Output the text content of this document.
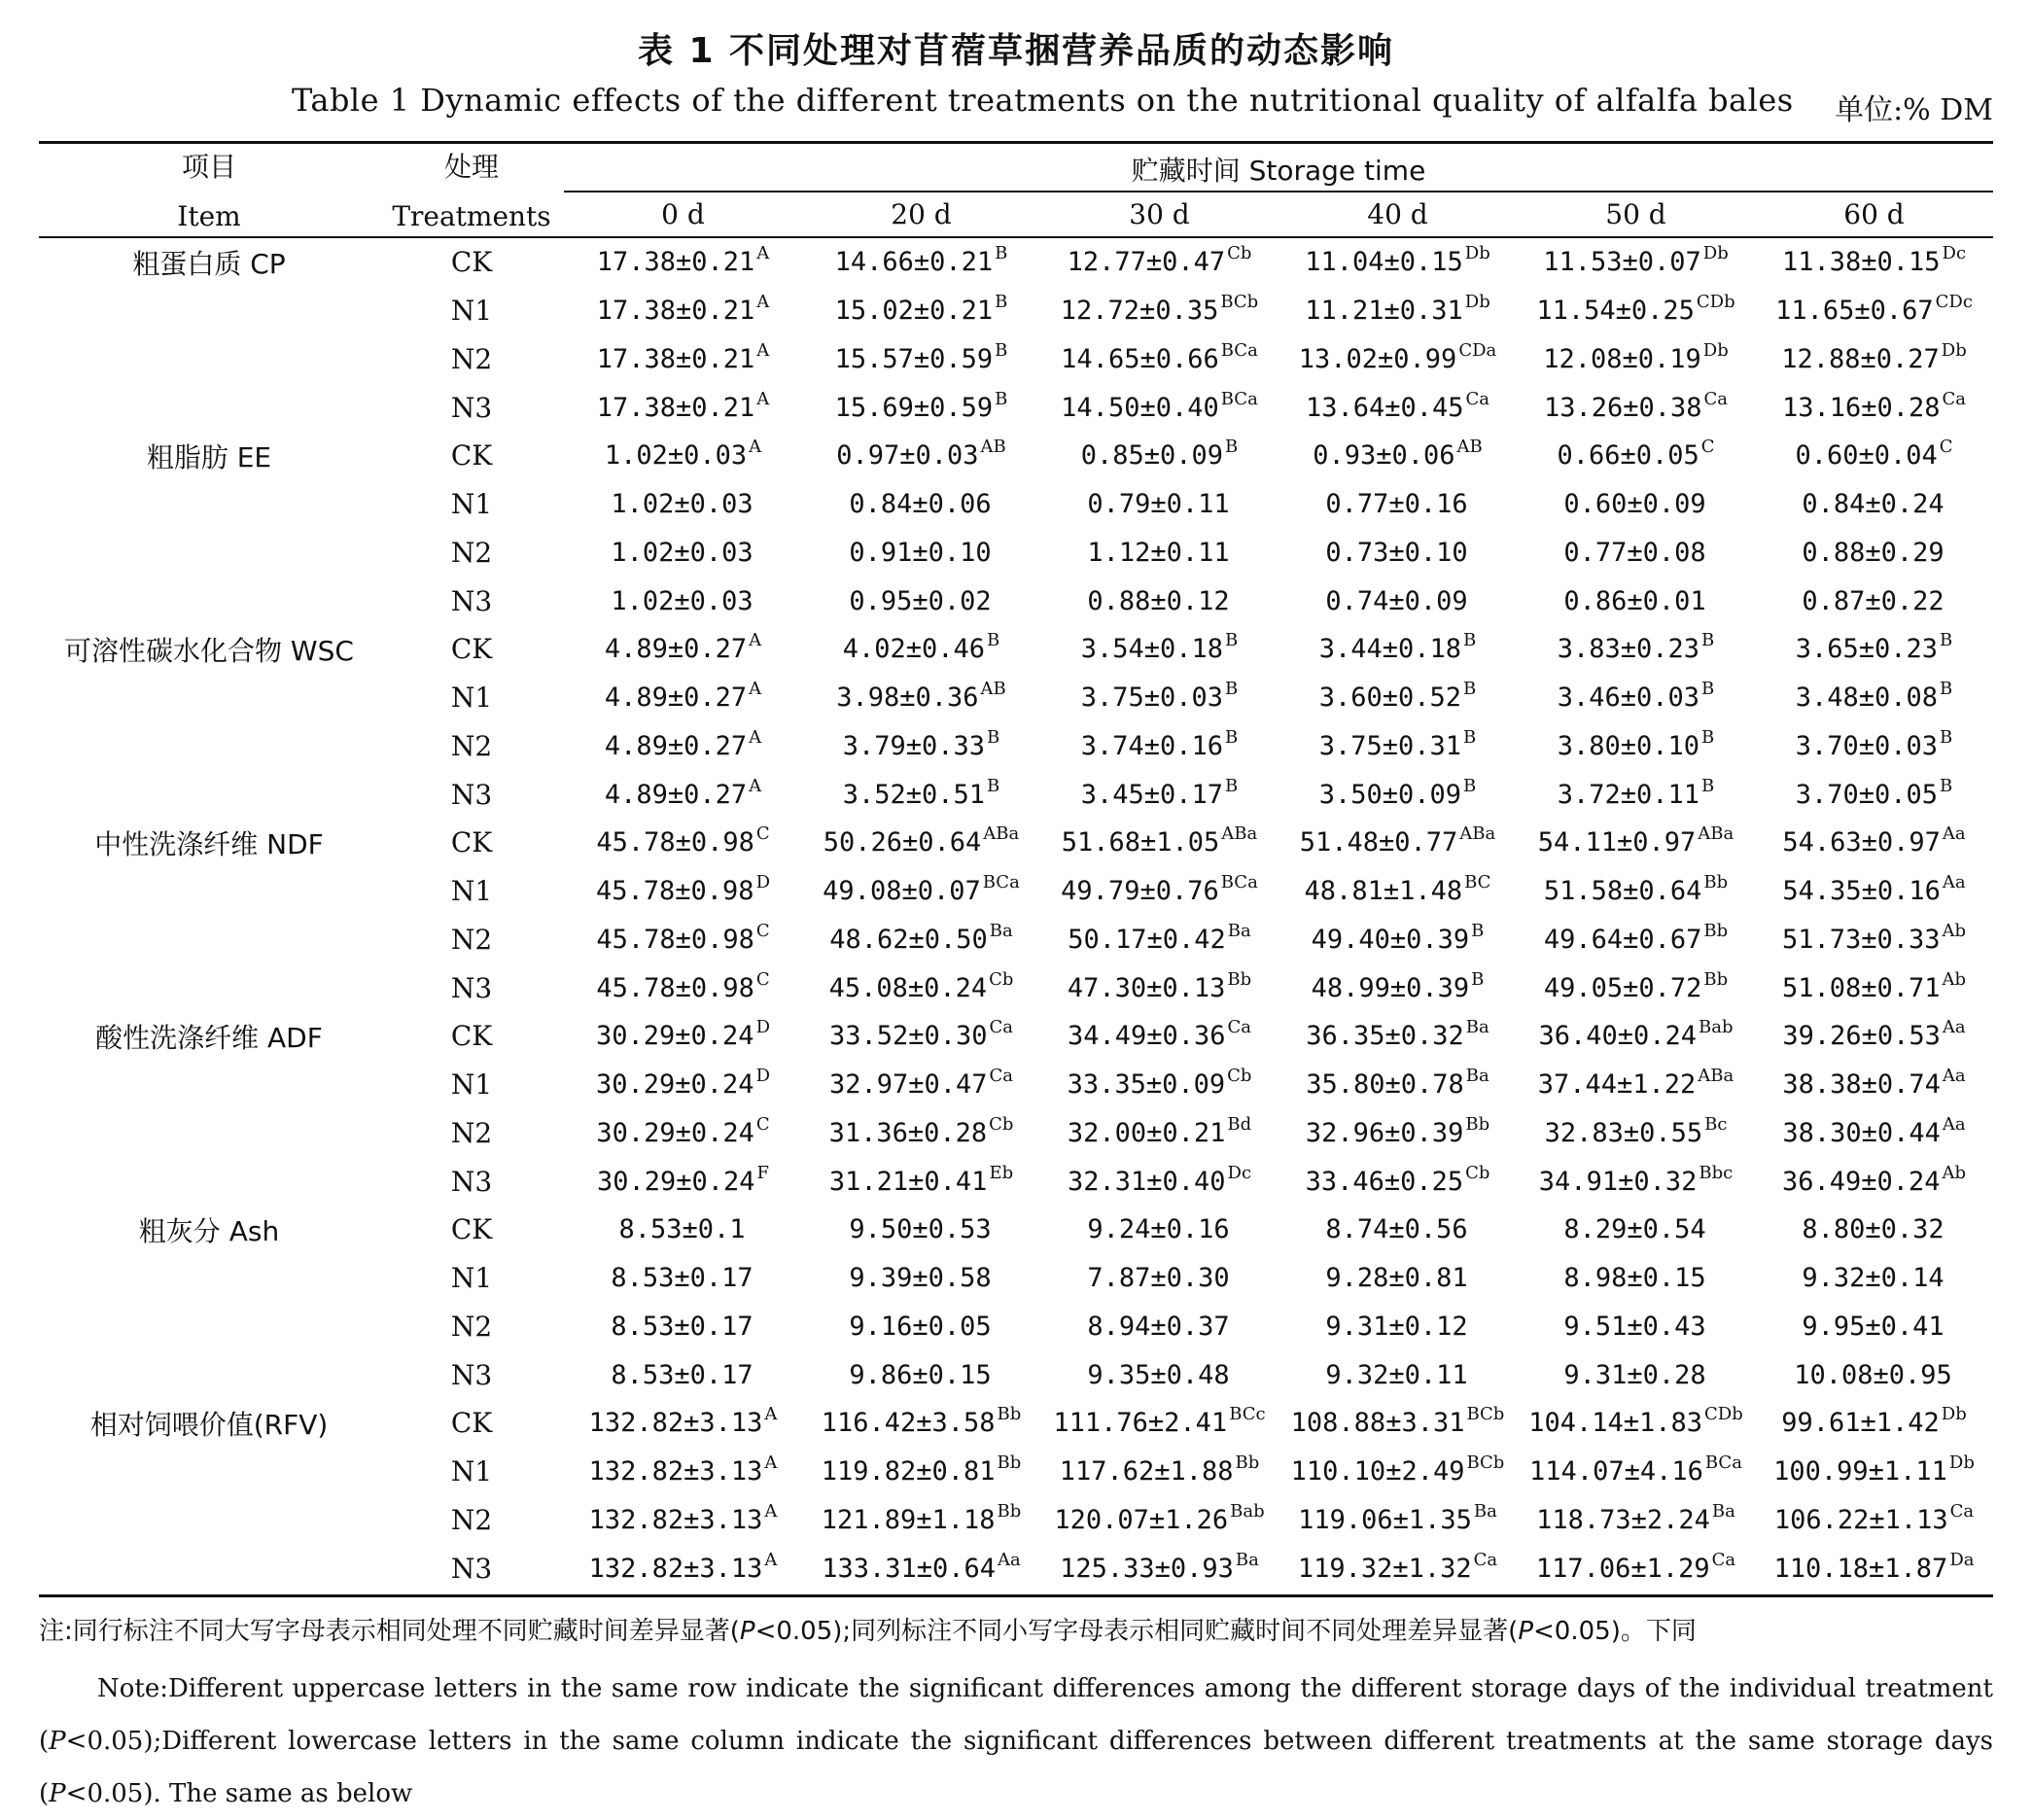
表 1 不同处理对苜蓿草捆营养品质的动态影响
Table 1 Dynamic effects of the different treatments on the nutritional quality of alfalfa bales 单位:% DM
项目
Item
处理
Treatments
贮藏时间 Storage time
0 d	20 d	30 d	40 d	50 d	60 d
粗蛋白质 CP	CK	17.38±0.21 $^A$	14.66±0.21 $^B$	12.77±0.47 $^{Cb}$	11.04±0.15 $^{Db}$	11.53±0.07 $^{Db}$	11.38±0.15 $^{Dc}$
	N1	17.38±0.21 $^A$	15.02±0.21 $^B$	12.72±0.35 $^{BCb}$	11.21±0.31 $^{Db}$	11.54±0.25 $^{CDb}$	11.65±0.67 $^{CDc}$
	N2	17.38±0.21 $^A$	15.57±0.59 $^B$	14.65±0.66 $^{BCa}$	13.02±0.99 $^{CDa}$	12.08±0.19 $^{Db}$	12.88±0.27 $^{Db}$
	N3	17.38±0.21 $^A$	15.69±0.59 $^B$	14.50±0.40 $^{BCa}$	13.64±0.45 $^{Ca}$	13.26±0.38 $^{Ca}$	13.16±0.28 $^{Ca}$
粗脂肪 EE	CK	1.02±0.03 $^A$	0.97±0.03 $^{AB}$	0.85±0.09 $^B$	0.93±0.06 $^{AB}$	0.66±0.05 $^C$	0.60±0.04 $^C$
	N1	1.02±0.03	0.84±0.06	0.79±0.11	0.77±0.16	0.60±0.09	0.84±0.24
	N2	1.02±0.03	0.91±0.10	1.12±0.11	0.73±0.10	0.77±0.08	0.88±0.29
	N3	1.02±0.03	0.95±0.02	0.88±0.12	0.74±0.09	0.86±0.01	0.87±0.22
可溶性碳水化合物 WSC	CK	4.89±0.27 $^A$	4.02±0.46 $^B$	3.54±0.18 $^B$	3.44±0.18 $^B$	3.83±0.23 $^B$	3.65±0.23 $^B$
	N1	4.89±0.27 $^A$	3.98±0.36 $^{AB}$	3.75±0.03 $^B$	3.60±0.52 $^B$	3.46±0.03 $^B$	3.48±0.08 $^B$
	N2	4.89±0.27 $^A$	3.79±0.33 $^B$	3.74±0.16 $^B$	3.75±0.31 $^B$	3.80±0.10 $^B$	3.70±0.03 $^B$
	N3	4.89±0.27 $^A$	3.52±0.51 $^B$	3.45±0.17 $^B$	3.50±0.09 $^B$	3.72±0.11 $^B$	3.70±0.05 $^B$
中性洗涤纤维 NDF	CK	45.78±0.98 $^C$	50.26±0.64 $^{ABa}$	51.68±1.05 $^{ABa}$	51.48±0.77 $^{ABa}$	54.11±0.97 $^{ABa}$	54.63±0.97 $^{Aa}$
	N1	45.78±0.98 $^D$	49.08±0.07 $^{BCa}$	49.79±0.76 $^{BCa}$	48.81±1.48 $^{BC}$	51.58±0.64 $^{Bb}$	54.35±0.16 $^{Aa}$
	N2	45.78±0.98 $^C$	48.62±0.50 $^{Ba}$	50.17±0.42 $^{Ba}$	49.40±0.39 $^B$	49.64±0.67 $^{Bb}$	51.73±0.33 $^{Ab}$
	N3	45.78±0.98 $^C$	45.08±0.24 $^{Cb}$	47.30±0.13 $^{Bb}$	48.99±0.39 $^B$	49.05±0.72 $^{Bb}$	51.08±0.71 $^{Ab}$
酸性洗涤纤维 ADF	CK	30.29±0.24 $^D$	33.52±0.30 $^{Ca}$	34.49±0.36 $^{Ca}$	36.35±0.32 $^{Ba}$	36.40±0.24 $^{Bab}$	39.26±0.53 $^{Aa}$
	N1	30.29±0.24 $^D$	32.97±0.47 $^{Ca}$	33.35±0.09 $^{Cb}$	35.80±0.78 $^{Ba}$	37.44±1.22 $^{ABa}$	38.38±0.74 $^{Aa}$
	N2	30.29±0.24 $^C$	31.36±0.28 $^{Cb}$	32.00±0.21 $^{Bd}$	32.96±0.39 $^{Bb}$	32.83±0.55 $^{Bc}$	38.30±0.44 $^{Aa}$
	N3	30.29±0.24 $^F$	31.21±0.41 $^{Eb}$	32.31±0.40 $^{Dc}$	33.46±0.25 $^{Cb}$	34.91±0.32 $^{Bbc}$	36.49±0.24 $^{Ab}$
粗灰分 Ash	CK	8.53±0.1	9.50±0.53	9.24±0.16	8.74±0.56	8.29±0.54	8.80±0.32
	N1	8.53±0.17	9.39±0.58	7.87±0.30	9.28±0.81	8.98±0.15	9.32±0.14
	N2	8.53±0.17	9.16±0.05	8.94±0.37	9.31±0.12	9.51±0.43	9.95±0.41
	N3	8.53±0.17	9.86±0.15	9.35±0.48	9.32±0.11	9.31±0.28	10.08±0.95
相对饲喂价值(RFV)	CK	132.82±3.13 $^A$	116.42±3.58 $^{Bb}$	111.76±2.41 $^{BCc}$	108.88±3.31 $^{BCb}$	104.14±1.83 $^{CDb}$	99.61±1.42 $^{Db}$
	N1	132.82±3.13 $^A$	119.82±0.81 $^{Bb}$	117.62±1.88 $^{Bb}$	110.10±2.49 $^{BCb}$	114.07±4.16 $^{BCa}$	100.99±1.11 $^{Db}$
	N2	132.82±3.13 $^A$	121.89±1.18 $^{Bb}$	120.07±1.26 $^{Bab}$	119.06±1.35 $^{Ba}$	118.73±2.24 $^{Ba}$	106.22±1.13 $^{Ca}$
	N3	132.82±3.13 $^A$	133.31±0.64 $^{Aa}$	125.33±0.93 $^{Ba}$	119.32±1.32 $^{Ca}$	117.06±1.29 $^{Ca}$	110.18±1.87 $^{Da}$
注:同行标注不同大写字母表示相同处理不同贮藏时间差异显著(P<0.05);同列标注不同小写字母表示相同贮藏时间不同处理差异显著(P<0.05)。下同
Note:Different uppercase letters in the same row indicate the significant differences among the different storage days of the individual treatment (P<0.05);Different lowercase letters in the same column indicate the significant differences between different treatments at the same storage days (P<0.05). The same as below
